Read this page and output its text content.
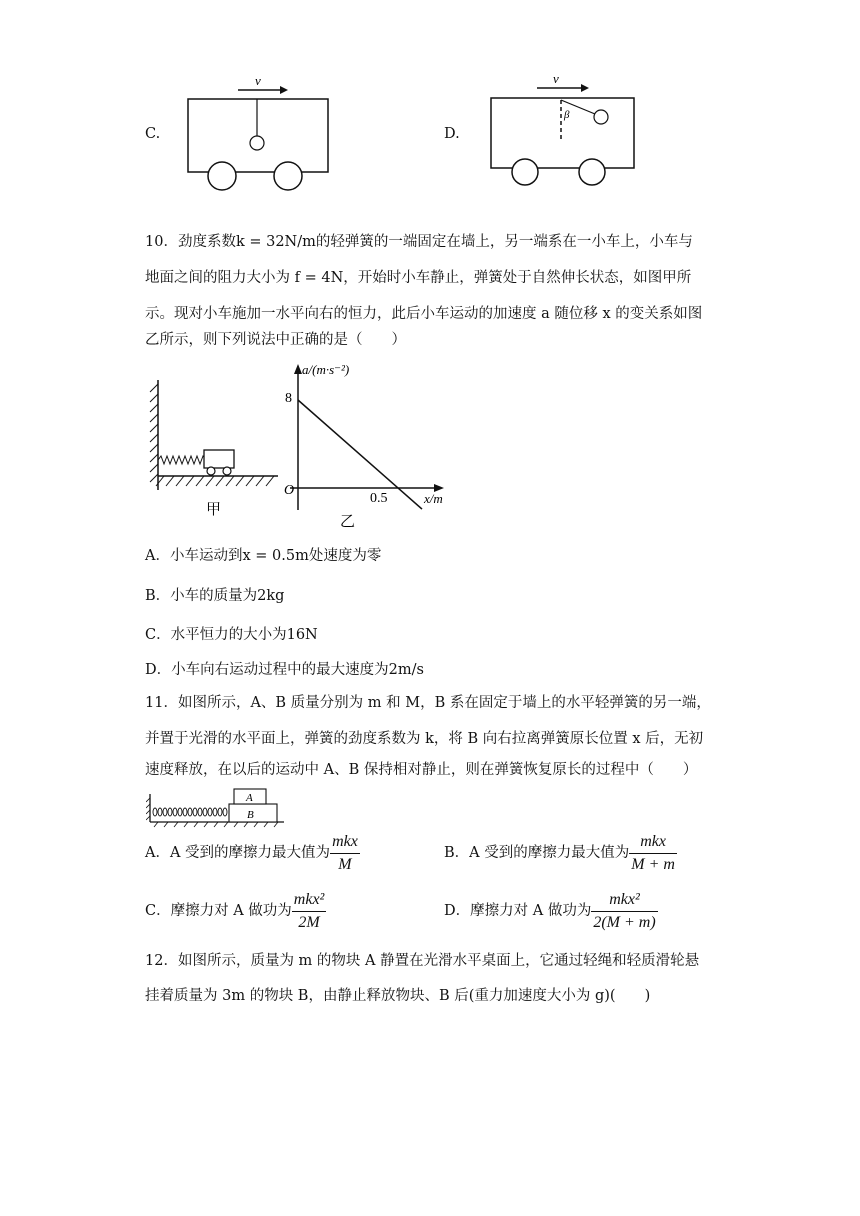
C.
v
D.
v
β
10．劲度系数k = 32N/m的轻弹簧的一端固定在墙上，另一端系在一小车上，小车与
地面之间的阻力大小为 f = 4N，开始时小车静止，弹簧处于自然伸长状态，如图甲所
示。现对小车施加一水平向右的恒力，此后小车运动的加速度 a 随位移 x 的变关系如图
乙所示，则下列说法中正确的是（　　）
甲
a/(m·s⁻²)
x/m
O
8
0.5
乙
A．小车运动到x = 0.5m处速度为零
B．小车的质量为2kg
C．水平恒力的大小为16N
D．小车向右运动过程中的最大速度为2m/s
11．如图所示，A、B 质量分别为 m 和 M，B 系在固定于墙上的水平轻弹簧的另一端，
并置于光滑的水平面上，弹簧的劲度系数为 k，将 B 向右拉离弹簧原长位置 x 后，无初
速度释放，在以后的运动中 A、B 保持相对静止，则在弹簧恢复原长的过程中（　　）
A
B
A．A 受到的摩擦力最大值为 $\frac{\text{mkx}}{M}$	B．A 受到的摩擦力最大值为 $\frac{\text{mkx}}{M + m}$
C．摩擦力对 A 做功为 $\frac{\text{mkx²}}{2M}$	D．摩擦力对 A 做功为 $\frac{\text{mkx²}}{2(M + m)}$
12．如图所示，质量为 m 的物块 A 静置在光滑水平桌面上，它通过轻绳和轻质滑轮悬
挂着质量为 3m 的物块 B，由静止释放物块、B 后(重力加速度大小为 g)(　　)
